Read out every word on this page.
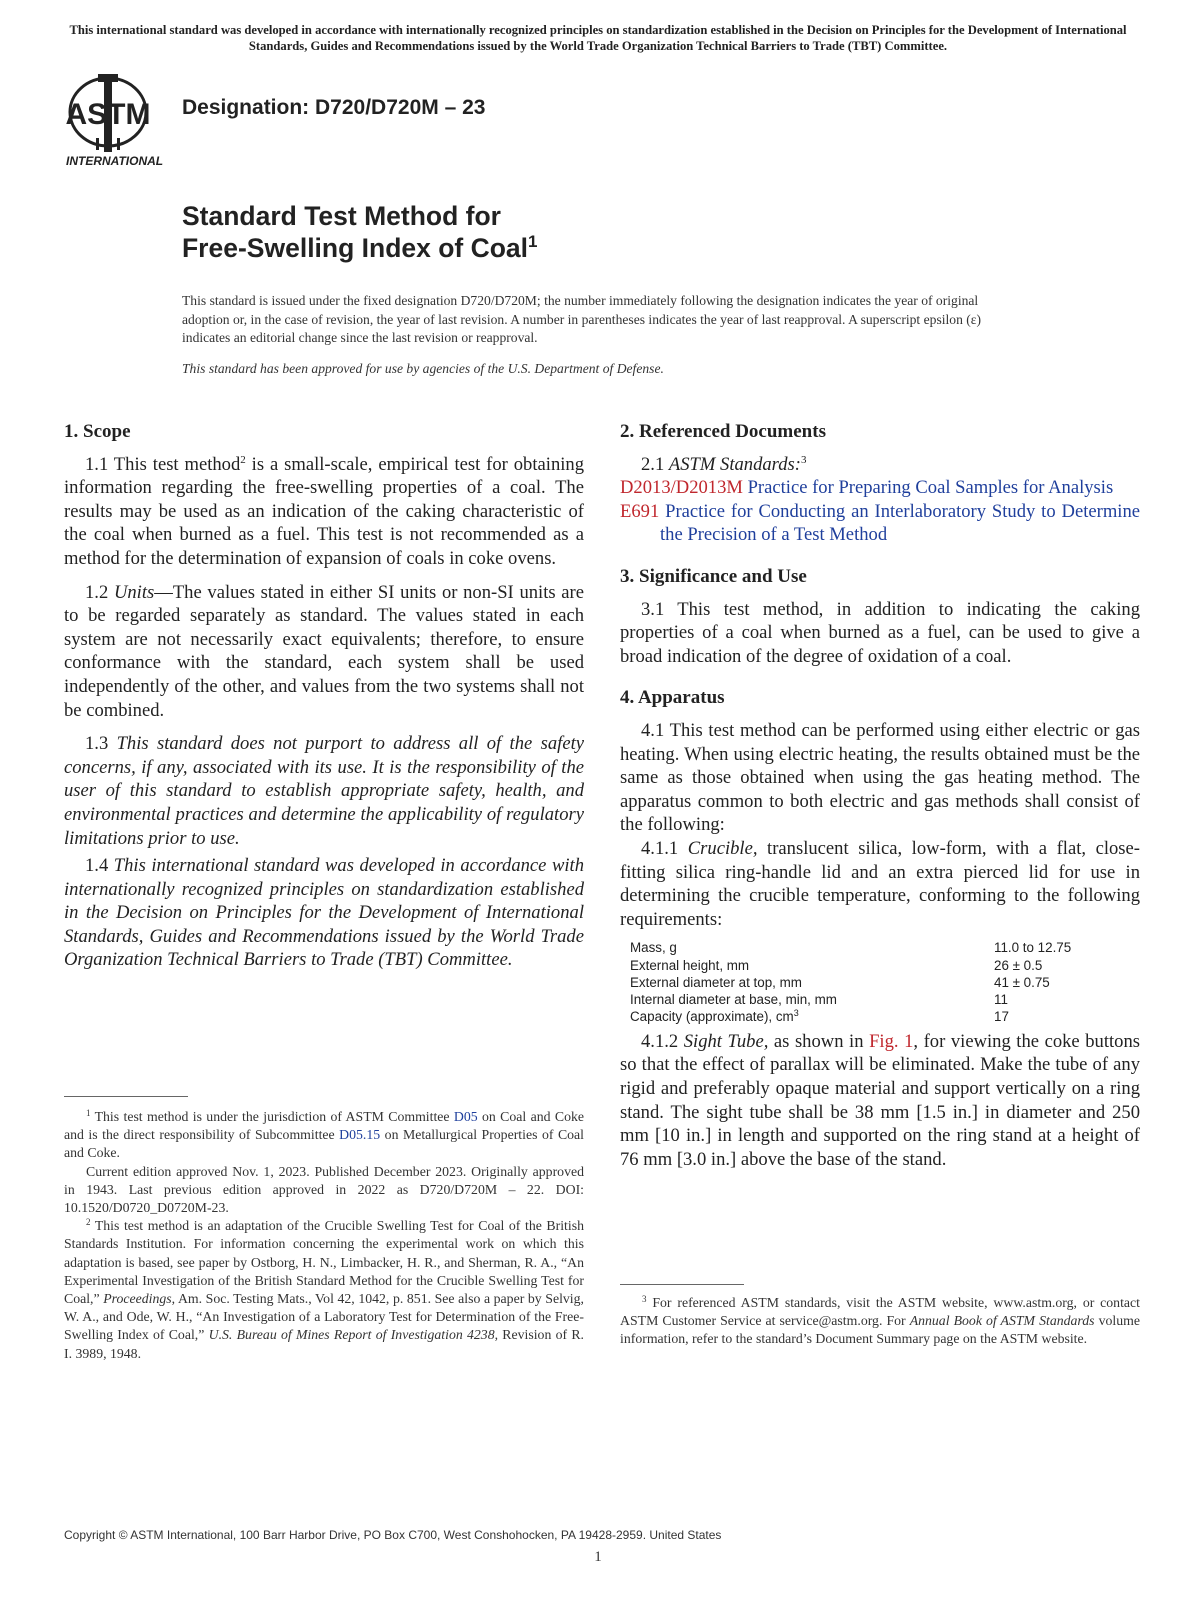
This international standard was developed in accordance with internationally recognized principles on standardization established in the Decision on Principles for the Development of International Standards, Guides and Recommendations issued by the World Trade Organization Technical Barriers to Trade (TBT) Committee.
ASTM
INTERNATIONAL
Designation: D720/D720M – 23
Standard Test Method for
Free-Swelling Index of Coal$^1$
This standard is issued under the fixed designation D720/D720M; the number immediately following the designation indicates the year of original adoption or, in the case of revision, the year of last revision. A number in parentheses indicates the year of last reapproval. A superscript epsilon (ε) indicates an editorial change since the last revision or reapproval.
This standard has been approved for use by agencies of the U.S. Department of Defense.

1. Scope

1.1 This test method$^2$ is a small-scale, empirical test for obtaining information regarding the free-swelling properties of a coal. The results may be used as an indication of the caking characteristic of the coal when burned as a fuel. This test is not recommended as a method for the determination of expansion of coals in coke ovens.

1.2 Units—The values stated in either SI units or non-SI units are to be regarded separately as standard. The values stated in each system are not necessarily exact equivalents; therefore, to ensure conformance with the standard, each system shall be used independently of the other, and values from the two systems shall not be combined.

1.3 This standard does not purport to address all of the safety concerns, if any, associated with its use. It is the responsibility of the user of this standard to establish appropriate safety, health, and environmental practices and determine the applicability of regulatory limitations prior to use.

1.4 This international standard was developed in accordance with internationally recognized principles on standardization established in the Decision on Principles for the Development of International Standards, Guides and Recommendations issued by the World Trade Organization Technical Barriers to Trade (TBT) Committee.

$^1$ This test method is under the jurisdiction of ASTM Committee D05 on Coal and Coke and is the direct responsibility of Subcommittee D05.15 on Metallurgical Properties of Coal and Coke.

Current edition approved Nov. 1, 2023. Published December 2023. Originally approved in 1943. Last previous edition approved in 2022 as D720/D720M – 22. DOI: 10.1520/D0720_D0720M-23.

$^2$ This test method is an adaptation of the Crucible Swelling Test for Coal of the British Standards Institution. For information concerning the experimental work on which this adaptation is based, see paper by Ostborg, H. N., Limbacker, H. R., and Sherman, R. A., “An Experimental Investigation of the British Standard Method for the Crucible Swelling Test for Coal,” Proceedings, Am. Soc. Testing Mats., Vol 42, 1042, p. 851. See also a paper by Selvig, W. A., and Ode, W. H., “An Investigation of a Laboratory Test for Determination of the Free-Swelling Index of Coal,” U.S. Bureau of Mines Report of Investigation 4238, Revision of R. I. 3989, 1948.

2. Referenced Documents

2.1 ASTM Standards:$^3$

D2013/D2013M Practice for Preparing Coal Samples for Analysis

E691 Practice for Conducting an Interlaboratory Study to Determine the Precision of a Test Method

3. Significance and Use

3.1 This test method, in addition to indicating the caking properties of a coal when burned as a fuel, can be used to give a broad indication of the degree of oxidation of a coal.

4. Apparatus

4.1 This test method can be performed using either electric or gas heating. When using electric heating, the results obtained must be the same as those obtained when using the gas heating method. The apparatus common to both electric and gas methods shall consist of the following:

4.1.1 Crucible, translucent silica, low-form, with a flat, close-fitting silica ring-handle lid and an extra pierced lid for use in determining the crucible temperature, conforming to the following requirements:

Mass, g	11.0 to 12.75
External height, mm	26 ± 0.5
External diameter at top, mm	41 ± 0.75
Internal diameter at base, min, mm	11
Capacity (approximate), $cm^3$	17

4.1.2 Sight Tube, as shown in Fig. 1, for viewing the coke buttons so that the effect of parallax will be eliminated. Make the tube of any rigid and preferably opaque material and support vertically on a ring stand. The sight tube shall be 38 mm [1.5 in.] in diameter and 250 mm [10 in.] in length and supported on the ring stand at a height of 76 mm [3.0 in.] above the base of the stand.

$^3$ For referenced ASTM standards, visit the ASTM website, www.astm.org, or contact ASTM Customer Service at service@astm.org. For Annual Book of ASTM Standards volume information, refer to the standard’s Document Summary page on the ASTM website.

Copyright © ASTM International, 100 Barr Harbor Drive, PO Box C700, West Conshohocken, PA 19428-2959. United States
1
